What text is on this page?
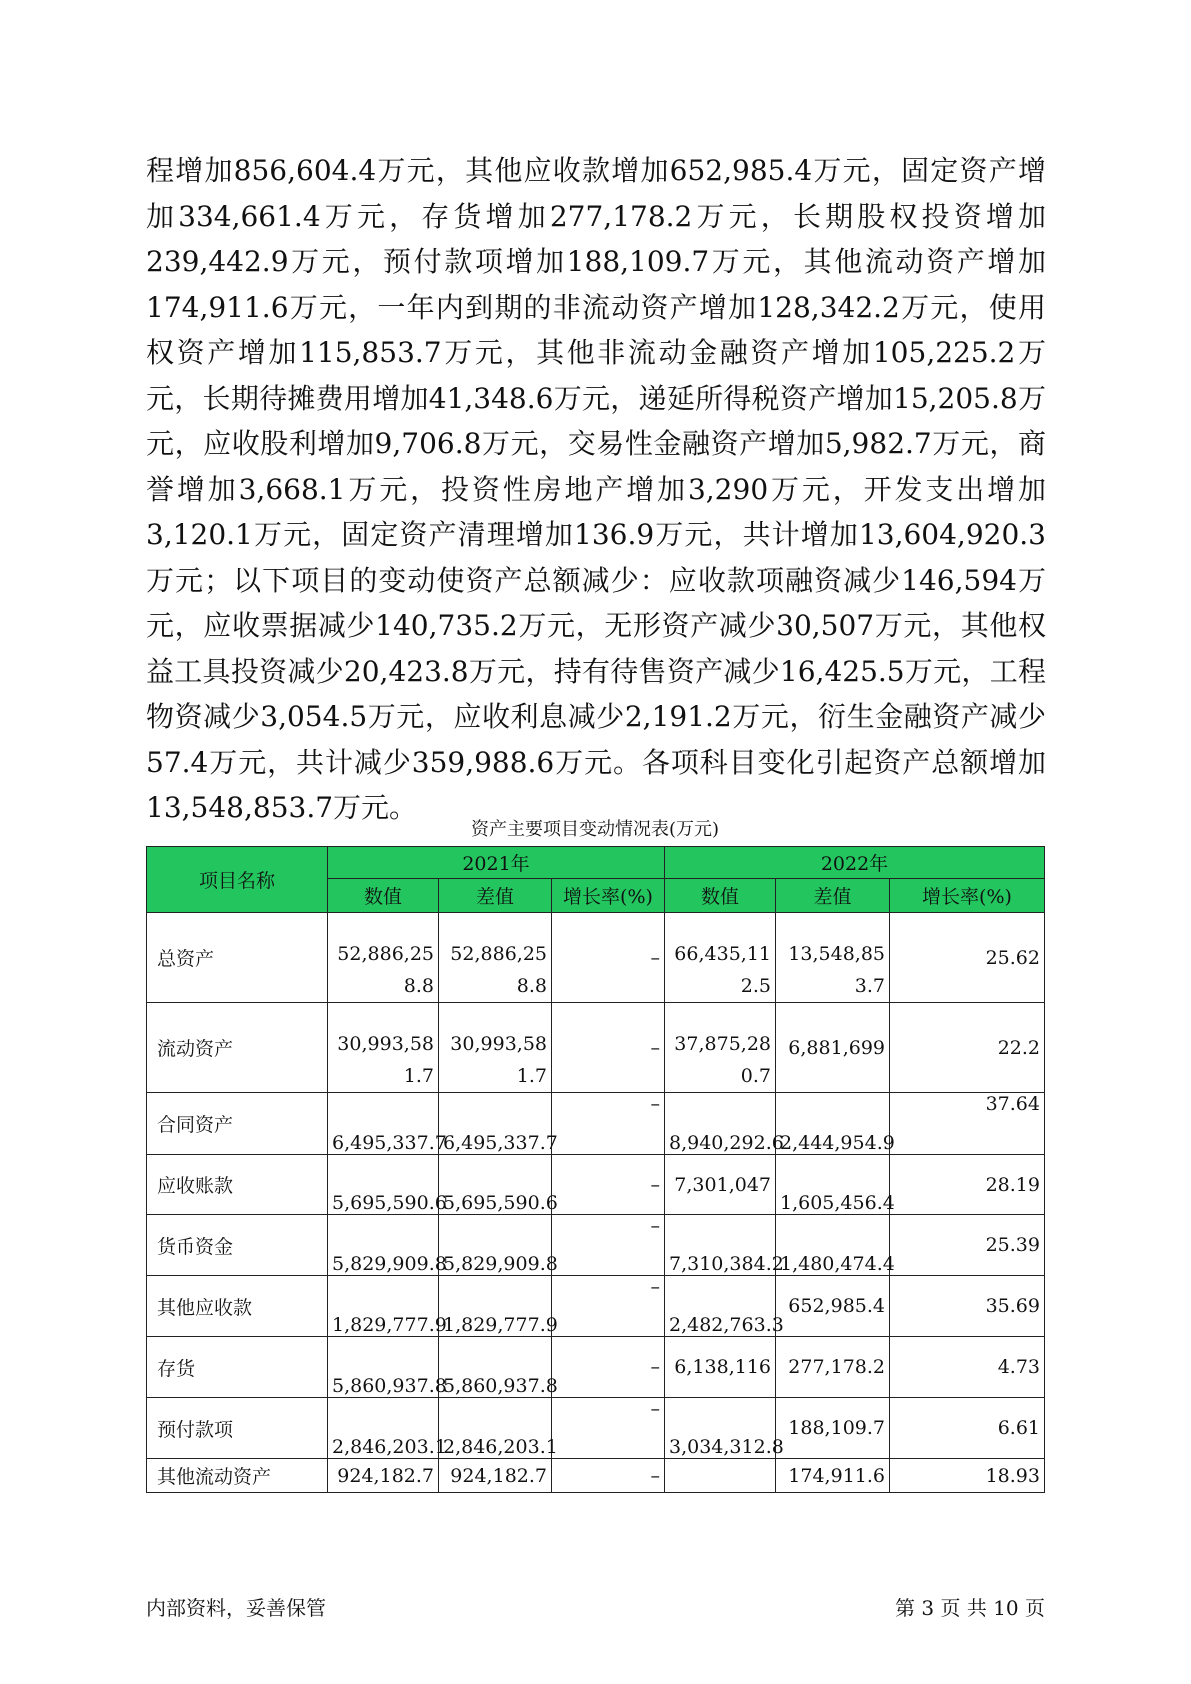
程增加856,604.4万元，其他应收款增加652,985.4万元，固定资产增加334,661.4万元，存货增加277,178.2万元，长期股权投资增加239,442.9万元，预付款项增加188,109.7万元，其他流动资产增加174,911.6万元，一年内到期的非流动资产增加128,342.2万元，使用权资产增加115,853.7万元，其他非流动金融资产增加105,225.2万元，长期待摊费用增加41,348.6万元，递延所得税资产增加15,205.8万元，应收股利增加9,706.8万元，交易性金融资产增加5,982.7万元，商誉增加3,668.1万元，投资性房地产增加3,290万元，开发支出增加3,120.1万元，固定资产清理增加136.9万元，共计增加13,604,920.3万元；以下项目的变动使资产总额减少：应收款项融资减少146,594万元，应收票据减少140,735.2万元，无形资产减少30,507万元，其他权益工具投资减少20,423.8万元，持有待售资产减少16,425.5万元，工程物资减少3,054.5万元，应收利息减少2,191.2万元，衍生金融资产减少57.4万元，共计减少359,988.6万元。各项科目变化引起资产总额增加13,548,853.7万元。

资产主要项目变动情况表(万元)

项目名称	2021年			2022年		
	数值	差值	增长率(%)	数值	差值	增长率(%)
总资产	52,886,258.8	52,886,258.8	–	66,435,112.5	13,548,853.7	25.62
流动资产	30,993,581.7	30,993,581.7	–	37,875,280.7	6,881,699	22.2
合同资产	6,495,337.7	6,495,337.7	–	8,940,292.6	2,444,954.9	37.64
应收账款	5,695,590.6	5,695,590.6	–	7,301,047	1,605,456.4	28.19
货币资金	5,829,909.8	5,829,909.8	–	7,310,384.2	1,480,474.4	25.39
其他应收款	1,829,777.9	1,829,777.9	–	2,482,763.3	652,985.4	35.69
存货	5,860,937.8	5,860,937.8	–	6,138,116	277,178.2	4.73
预付款项	2,846,203.1	2,846,203.1	–	3,034,312.8	188,109.7	6.61
其他流动资产	924,182.7	924,182.7	–		174,911.6	18.93

内部资料，妥善保管	第 3 页 共 10 页
